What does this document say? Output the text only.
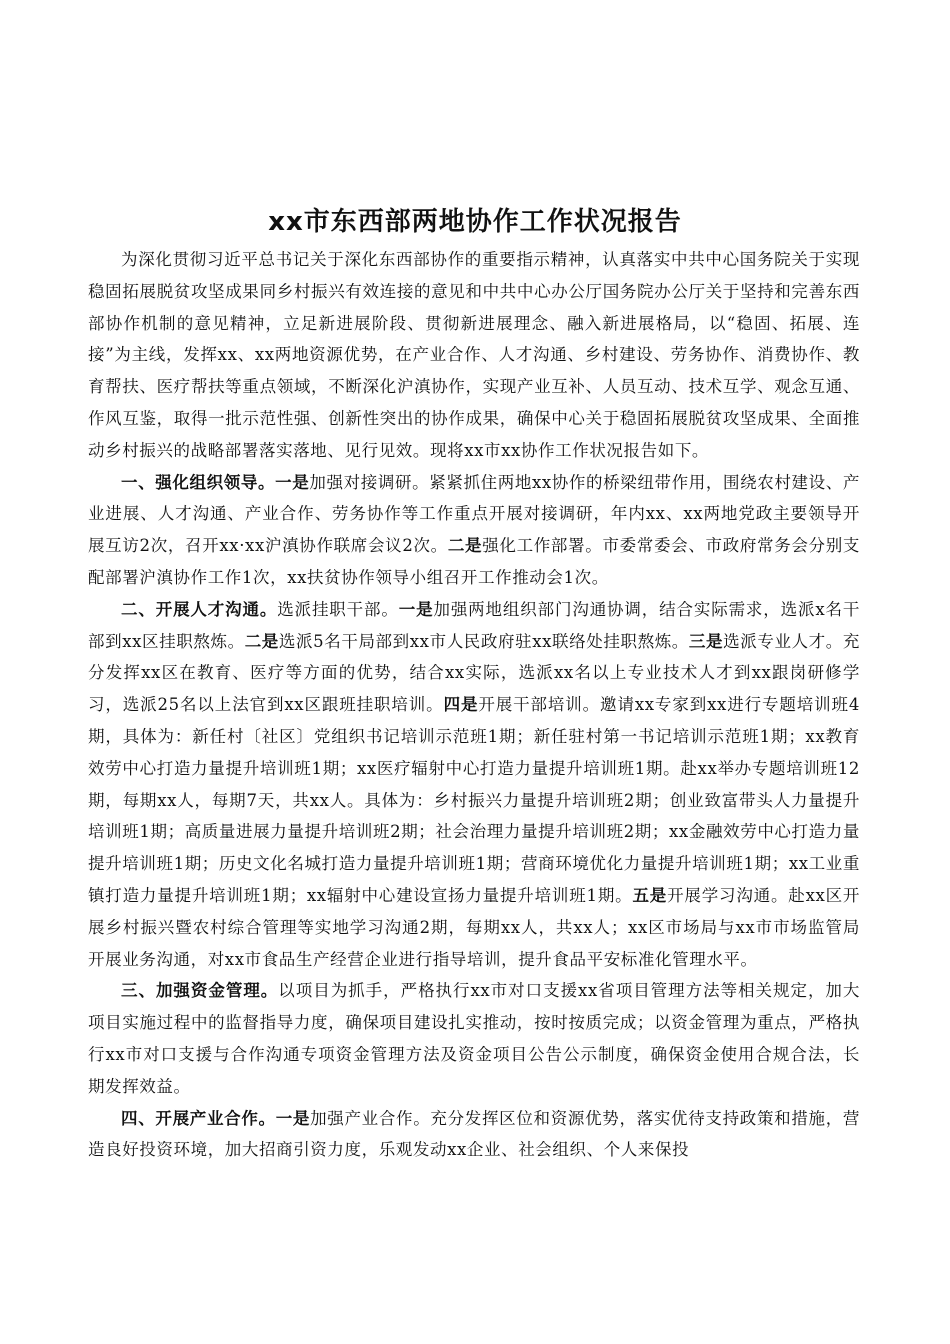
xx市东西部两地协作工作状况报告

为深化贯彻习近平总书记关于深化东西部协作的重要指示精神，认真落实中共中心国务院关于实现稳固拓展脱贫攻坚成果同乡村振兴有效连接的意见和中共中心办公厅国务院办公厅关于坚持和完善东西部协作机制的意见精神，立足新进展阶段、贯彻新进展理念、融入新进展格局，以“稳固、拓展、连接”为主线，发挥xx、xx两地资源优势，在产业合作、人才沟通、乡村建设、劳务协作、消费协作、教育帮扶、医疗帮扶等重点领域，不断深化沪滇协作，实现产业互补、人员互动、技术互学、观念互通、作风互鉴，取得一批示范性强、创新性突出的协作成果，确保中心关于稳固拓展脱贫攻坚成果、全面推动乡村振兴的战略部署落实落地、见行见效。现将xx市xx协作工作状况报告如下。

一、强化组织领导。一是加强对接调研。紧紧抓住两地xx协作的桥梁纽带作用，围绕农村建设、产业进展、人才沟通、产业合作、劳务协作等工作重点开展对接调研，年内xx、xx两地党政主要领导开展互访2次，召开xx·xx沪滇协作联席会议2次。二是强化工作部署。市委常委会、市政府常务会分别支配部署沪滇协作工作1次，xx扶贫协作领导小组召开工作推动会1次。

二、开展人才沟通。选派挂职干部。一是加强两地组织部门沟通协调，结合实际需求，选派x名干部到xx区挂职熬炼。二是选派5名干局部到xx市人民政府驻xx联络处挂职熬炼。三是选派专业人才。充分发挥xx区在教育、医疗等方面的优势，结合xx实际，选派xx名以上专业技术人才到xx跟岗研修学习，选派25名以上法官到xx区跟班挂职培训。四是开展干部培训。邀请xx专家到xx进行专题培训班4期，具体为：新任村〔社区〕党组织书记培训示范班1期；新任驻村第一书记培训示范班1期；xx教育效劳中心打造力量提升培训班1期；xx医疗辐射中心打造力量提升培训班1期。赴xx举办专题培训班12期，每期xx人，每期7天，共xx人。具体为：乡村振兴力量提升培训班2期；创业致富带头人力量提升培训班1期；高质量进展力量提升培训班2期；社会治理力量提升培训班2期；xx金融效劳中心打造力量提升培训班1期；历史文化名城打造力量提升培训班1期；营商环境优化力量提升培训班1期；xx工业重镇打造力量提升培训班1期；xx辐射中心建设宣扬力量提升培训班1期。五是开展学习沟通。赴xx区开展乡村振兴暨农村综合管理等实地学习沟通2期，每期xx人，共xx人；xx区市场局与xx市市场监管局开展业务沟通，对xx市食品生产经营企业进行指导培训，提升食品平安标准化管理水平。

三、加强资金管理。以项目为抓手，严格执行xx市对口支援xx省项目管理方法等相关规定，加大项目实施过程中的监督指导力度，确保项目建设扎实推动，按时按质完成；以资金管理为重点，严格执行xx市对口支援与合作沟通专项资金管理方法及资金项目公告公示制度，确保资金使用合规合法，长期发挥效益。

四、开展产业合作。一是加强产业合作。充分发挥区位和资源优势，落实优待支持政策和措施，营造良好投资环境，加大招商引资力度，乐观发动xx企业、社会组织、个人来保投
